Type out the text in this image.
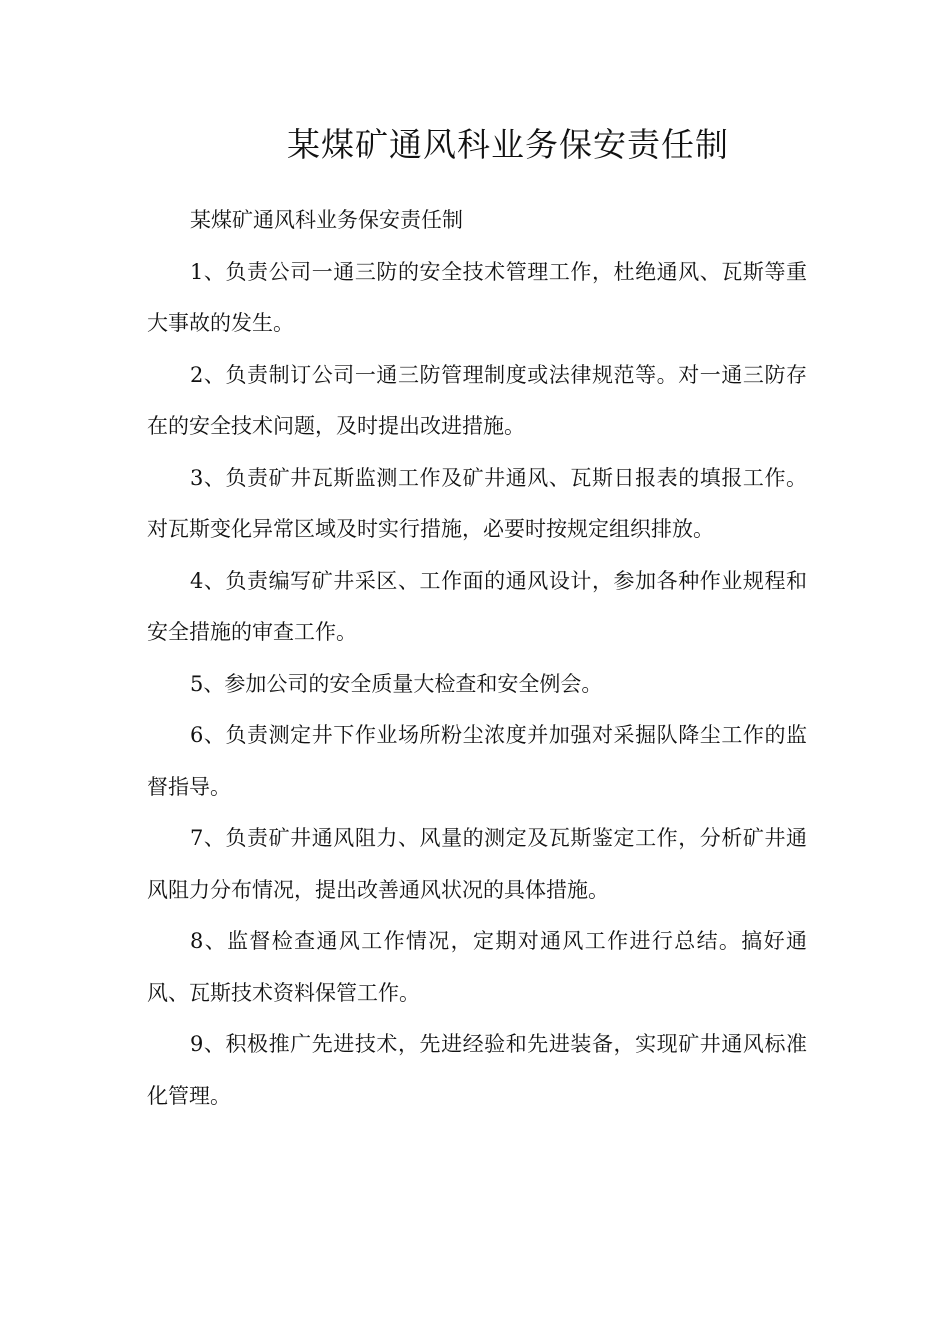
某煤矿通风科业务保安责任制

某煤矿通风科业务保安责任制

1、负责公司一通三防的安全技术管理工作，杜绝通风、瓦斯等重大事故的发生。

2、负责制订公司一通三防管理制度或法律规范等。对一通三防存在的安全技术问题，及时提出改进措施。

3、负责矿井瓦斯监测工作及矿井通风、瓦斯日报表的填报工作。对瓦斯变化异常区域及时实行措施，必要时按规定组织排放。

4、负责编写矿井采区、工作面的通风设计，参加各种作业规程和安全措施的审查工作。

5、参加公司的安全质量大检查和安全例会。

6、负责测定井下作业场所粉尘浓度并加强对采掘队降尘工作的监督指导。

7、负责矿井通风阻力、风量的测定及瓦斯鉴定工作，分析矿井通风阻力分布情况，提出改善通风状况的具体措施。

8、监督检查通风工作情况，定期对通风工作进行总结。搞好通风、瓦斯技术资料保管工作。

9、积极推广先进技术，先进经验和先进装备，实现矿井通风标准化管理。
